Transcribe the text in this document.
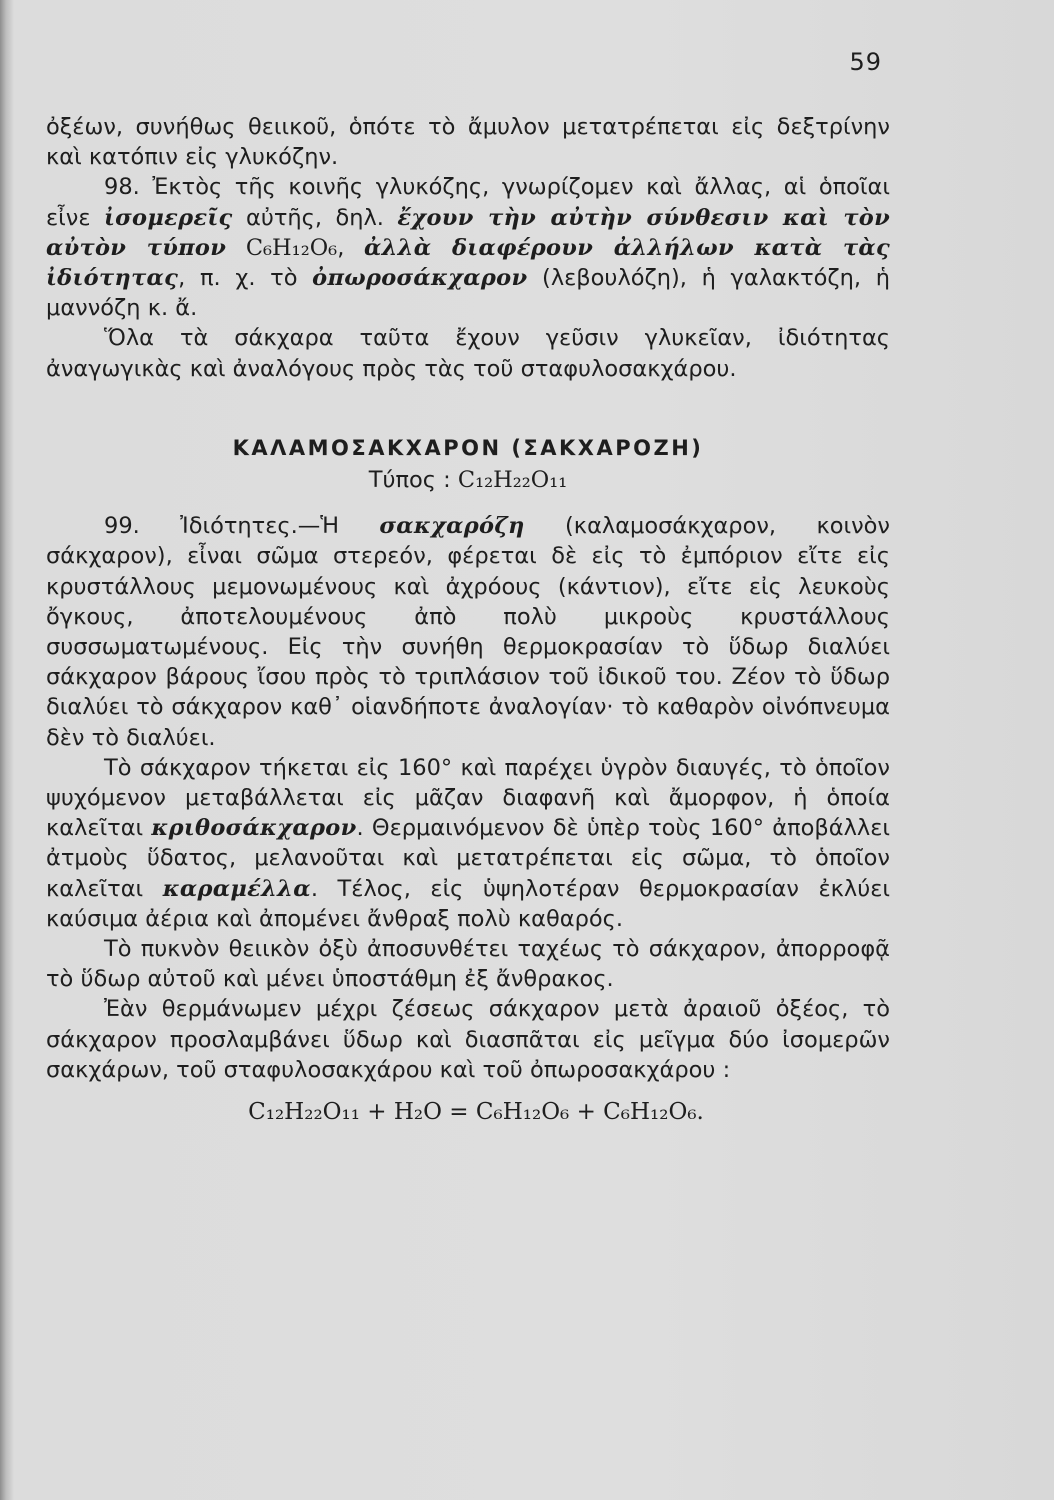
59

ὀξέων, συνήθως θειικοῦ, ὁπότε τὸ ἄμυλον μετατρέπεται εἰς δεξτρίνην καὶ κατόπιν εἰς γλυκόζην.

98. Ἐκτὸς τῆς κοινῆς γλυκόζης, γνωρίζομεν καὶ ἄλλας, αἱ ὁποῖαι εἶνε ἰσομερεῖς αὐτῆς, δηλ. ἔχουν τὴν αὐτὴν σύνθεσιν καὶ τὸν αὐτὸν τύπον C₆H₁₂O₆, ἀλλὰ διαφέρουν ἀλλήλων κατὰ τὰς ἰδιότητας, π. χ. τὸ ὀπωροσάκχαρον (λεβουλόζη), ἡ γαλακτόζη, ἡ μαννόζη κ. ἄ.

Ὅλα τὰ σάκχαρα ταῦτα ἔχουν γεῦσιν γλυκεῖαν, ἰδιότητας ἀναγωγικὰς καὶ ἀναλόγους πρὸς τὰς τοῦ σταφυλοσακχάρου.

ΚΑΛΑΜΟΣΑΚΧΑΡΟΝ (ΣΑΚΧΑΡΟΖΗ)

Τύπος : C₁₂H₂₂O₁₁

99. Ἰδιότητες.—Ἡ σακχαρόζη (καλαμοσάκχαρον, κοινὸν σάκχαρον), εἶναι σῶμα στερεόν, φέρεται δὲ εἰς τὸ ἐμπόριον εἴτε εἰς κρυστάλλους μεμονωμένους καὶ ἀχρόους (κάντιον), εἴτε εἰς λευκοὺς ὄγκους, ἀποτελουμένους ἀπὸ πολὺ μικροὺς κρυστάλλους συσσωματωμένους. Εἰς τὴν συνήθη θερμοκρασίαν τὸ ὕδωρ διαλύει σάκχαρον βάρους ἴσου πρὸς τὸ τριπλάσιον τοῦ ἰδικοῦ του. Ζέον τὸ ὕδωρ διαλύει τὸ σάκχαρον καθ᾽ οἱανδήποτε ἀναλογίαν· τὸ καθαρὸν οἰνόπνευμα δὲν τὸ διαλύει.

Τὸ σάκχαρον τήκεται εἰς 160° καὶ παρέχει ὑγρὸν διαυγές, τὸ ὁποῖον ψυχόμενον μεταβάλλεται εἰς μᾶζαν διαφανῆ καὶ ἄμορφον, ἡ ὁποία καλεῖται κριθοσάκχαρον. Θερμαινόμενον δὲ ὑπὲρ τοὺς 160° ἀποβάλλει ἀτμοὺς ὕδατος, μελανοῦται καὶ μετατρέπεται εἰς σῶμα, τὸ ὁποῖον καλεῖται καραμέλλα. Τέλος, εἰς ὑψηλοτέραν θερμοκρασίαν ἐκλύει καύσιμα ἀέρια καὶ ἀπομένει ἄνθραξ πολὺ καθαρός.

Τὸ πυκνὸν θειικὸν ὀξὺ ἀποσυνθέτει ταχέως τὸ σάκχαρον, ἀπορροφᾷ τὸ ὕδωρ αὐτοῦ καὶ μένει ὑποστάθμη ἐξ ἄνθρακος.

Ἐὰν θερμάνωμεν μέχρι ζέσεως σάκχαρον μετὰ ἀραιοῦ ὀξέος, τὸ σάκχαρον προσλαμβάνει ὕδωρ καὶ διασπᾶται εἰς μεῖγμα δύο ἰσομερῶν σακχάρων, τοῦ σταφυλοσακχάρου καὶ τοῦ ὀπωροσακχάρου :

C₁₂H₂₂O₁₁ + H₂O = C₆H₁₂O₆ + C₆H₁₂O₆.
